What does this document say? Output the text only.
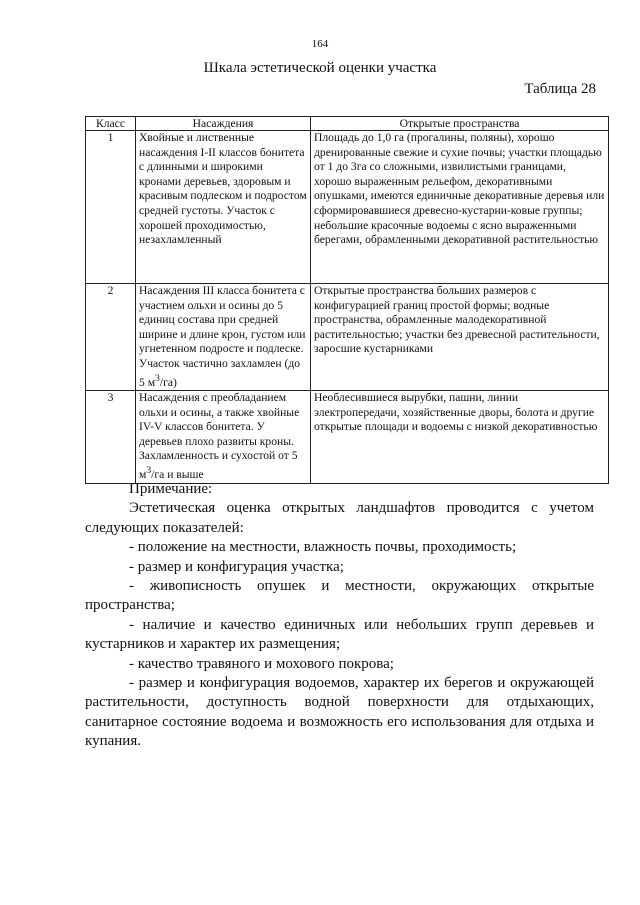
164
Шкала эстетической оценки участка
Таблица 28
Класс	Насаждения	Открытые пространства
1	Хвойные и лиственные насаждения I-II классов бонитета с длинными и широкими кронами деревьев, здоровым и красивым подлеском и подростом средней густоты. Участок с хорошей проходимостью, незахламленный	Площадь до 1,0 га (прогалины, поляны), хорошо дренированные свежие и сухие почвы; участки площадью от 1 до 3га со сложными, извилистыми границами, хорошо выраженным рельефом, декоративными опушками, имеются единичные декоративные деревья или сформировавшиеся древесно-кустарни-ковые группы; небольшие красочные водоемы с ясно выраженными берегами, обрамленными декоративной растительностью
2	Насаждения III класса бонитета с участием ольхи и осины до 5 единиц состава при средней ширине и длине крон, густом или угнетенном подросте и подлеске. Участок частично захламлен (до 5 $м^3/га$)	Открытые пространства больших размеров с конфигурацией границ простой формы; водные пространства, обрамленные малодекоративной растительностью; участки без древесной растительности, заросшие кустарниками
3	Насаждения с преобладанием ольхи и осины, а также хвойные IV-V классов бонитета. У деревьев плохо развиты кроны. Захламленность и сухостой от 5 $м^3/га$ и выше	Необлесившиеся вырубки, пашни, линии электропередачи, хозяйственные дворы, болота и другие открытые площади и водоемы с низкой декоративностью

Примечание:

Эстетическая оценка открытых ландшафтов проводится с учетом следующих показателей:

- положение на местности, влажность почвы, проходимость;

- размер и конфигурация участка;

- живописность опушек и местности, окружающих открытые пространства;

- наличие и качество единичных или небольших групп деревьев и кустарников и характер их размещения;

- качество травяного и мохового покрова;

- размер и конфигурация водоемов, характер их берегов и окружающей растительности, доступность водной поверхности для отдыхающих, санитарное состояние водоема и возможность его использования для отдыха и купания.
